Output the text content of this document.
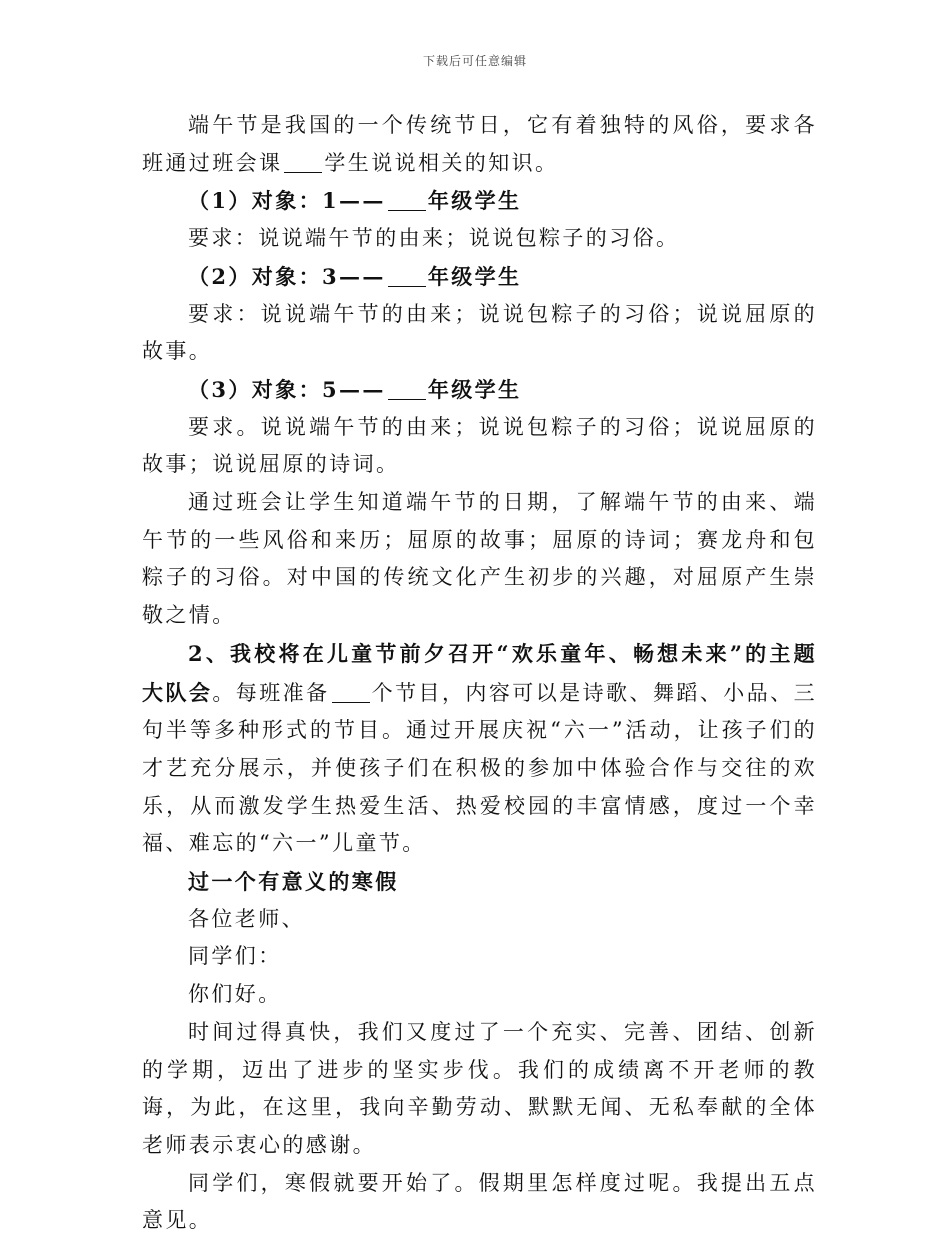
下载后可任意编辑

端午节是我国的一个传统节日，它有着独特的风俗，要求各班通过班会课 学生说说相关的知识。

（1）对象：1—— 年级学生

要求：说说端午节的由来；说说包粽子的习俗。

（2）对象：3—— 年级学生

要求：说说端午节的由来；说说包粽子的习俗；说说屈原的故事。

（3）对象：5—— 年级学生

要求。说说端午节的由来；说说包粽子的习俗；说说屈原的故事；说说屈原的诗词。

通过班会让学生知道端午节的日期，了解端午节的由来、端午节的一些风俗和来历；屈原的故事；屈原的诗词；赛龙舟和包粽子的习俗。对中国的传统文化产生初步的兴趣，对屈原产生崇敬之情。

2、我校将在儿童节前夕召开“欢乐童年、畅想未来”的主题大队会。每班准备 个节目，内容可以是诗歌、舞蹈、小品、三句半等多种形式的节目。通过开展庆祝“六一”活动，让孩子们的才艺充分展示，并使孩子们在积极的参加中体验合作与交往的欢乐，从而激发学生热爱生活、热爱校园的丰富情感，度过一个幸福、难忘的“六一”儿童节。

过一个有意义的寒假

各位老师、

同学们：

你们好。

时间过得真快，我们又度过了一个充实、完善、团结、创新的学期，迈出了进步的坚实步伐。我们的成绩离不开老师的教诲，为此，在这里，我向辛勤劳动、默默无闻、无私奉献的全体老师表示衷心的感谢。

同学们，寒假就要开始了。假期里怎样度过呢。我提出五点意见。
